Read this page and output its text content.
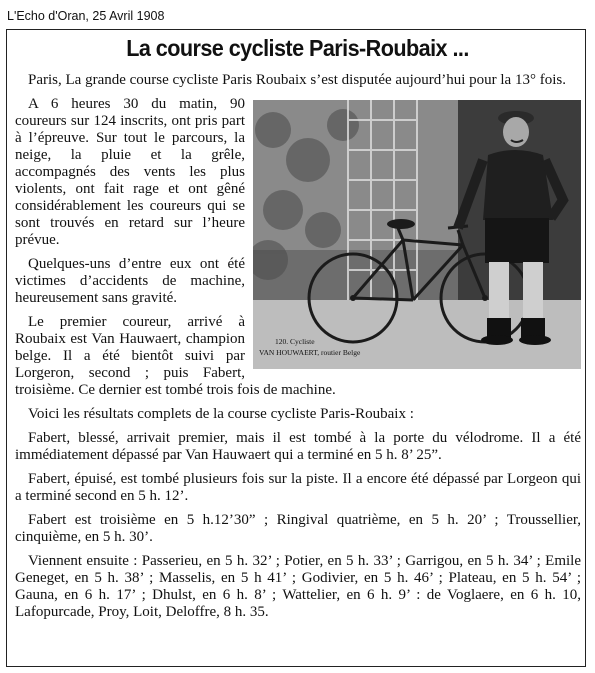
L'Echo d'Oran, 25 Avril 1908
La course cycliste Paris-Roubaix ...

Paris, La grande course cycliste Paris Roubaix s’est disputée aujourd’hui pour la 13° fois.

120. Cycliste
VAN HOUWAERT, routier Belge

A 6 heures 30 du matin, 90 coureurs sur 124 inscrits, ont pris part à l’épreuve. Sur tout le parcours, la neige, la pluie et la grêle, accompagnés des vents les plus violents, ont fait rage et ont gêné considérablement les coureurs qui se sont trouvés en retard sur l’heure prévue.

Quelques-uns d’entre eux ont été victimes d’accidents de machine, heureusement sans gravité.

Le premier coureur, arrivé à Roubaix est Van Hauwaert, champion belge. Il a été bientôt suivi par Lorgeron, second ; puis Fabert, troisième. Ce dernier est tombé trois fois de machine.

Voici les résultats complets de la course cycliste Paris-Roubaix :

Fabert, blessé, arrivait premier, mais il est tombé à la porte du vélodrome. Il a été immédiatement dépassé par Van Hauwaert qui a terminé en 5 h. 8’ 25”.

Fabert, épuisé, est tombé plusieurs fois sur la piste. Il a encore été dépassé par Lorgeon qui a terminé second en 5 h. 12’.

Fabert est troisième en 5 h.12’30” ; Ringival quatrième, en 5 h. 20’ ; Troussellier, cinquième, en 5 h. 30’.

Viennent ensuite : Passerieu, en 5 h. 32’ ; Potier, en 5 h. 33’ ; Garrigou, en 5 h. 34’ ; Emile Geneget, en 5 h. 38’ ; Masselis, en 5 h 41’ ; Godivier, en 5 h. 46’ ; Plateau, en 5 h. 54’ ; Gauna, en 6 h. 17’ ; Dhulst, en 6 h. 8’ ; Wattelier, en 6 h. 9’ : de Voglaere, en 6 h. 10, Lafopurcade, Proy, Loit, Deloffre, 8 h. 35.
